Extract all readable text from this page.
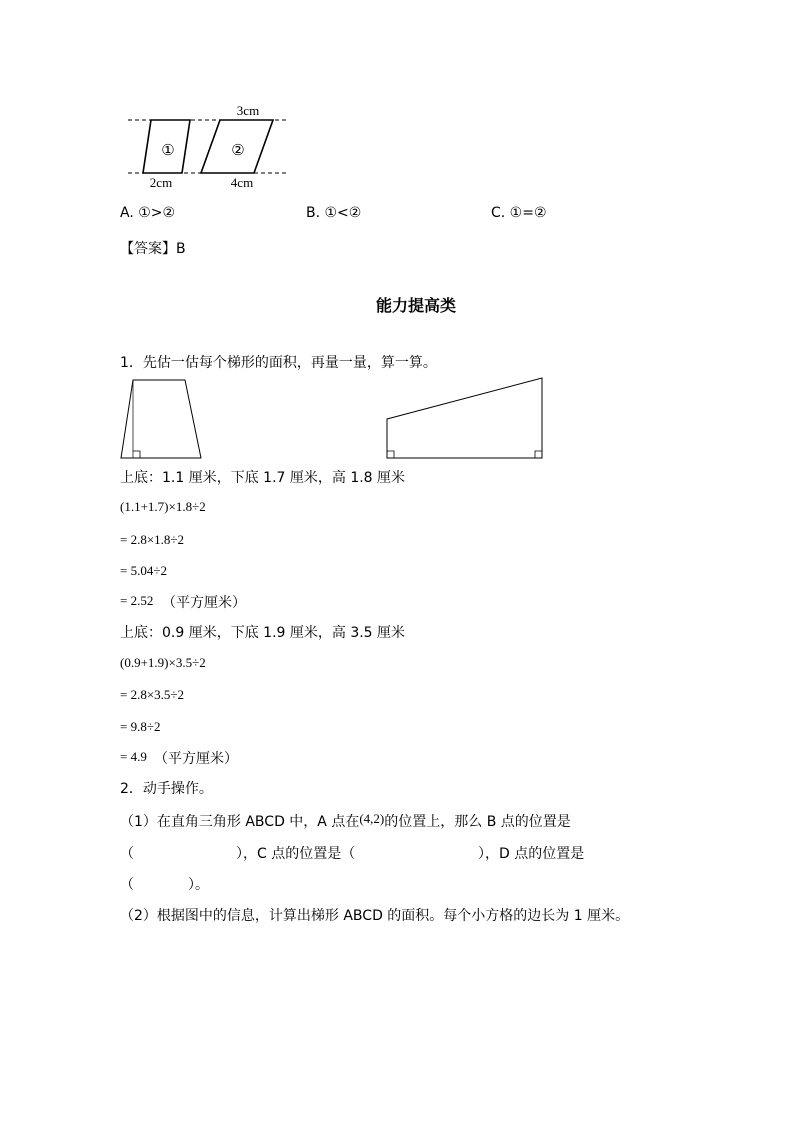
①	②
3cm
2cm	4cm
A. ①>②	B. ①<②	C. ①=②
【答案】B
能力提高类
1．先估一估每个梯形的面积，再量一量，算一算。
上底：1.1 厘米，下底 1.7 厘米，高 1.8 厘米
(1.1+1.7)×1.8÷2
= 2.8×1.8÷2
= 5.04÷2
= 2.52 （平方厘米）
上底：0.9 厘米，下底 1.9 厘米，高 3.5 厘米
(0.9+1.9)×3.5÷2
= 2.8×3.5÷2
= 9.8÷2
= 4.9 （平方厘米）
2．动手操作。
（1）在直角三角形 ABCD 中，A 点在(4,2)的位置上，那么 B 点的位置是
（	），C 点的位置是（	），D 点的位置是
（	）。
（2）根据图中的信息，计算出梯形 ABCD 的面积。每个小方格的边长为 1 厘米。
